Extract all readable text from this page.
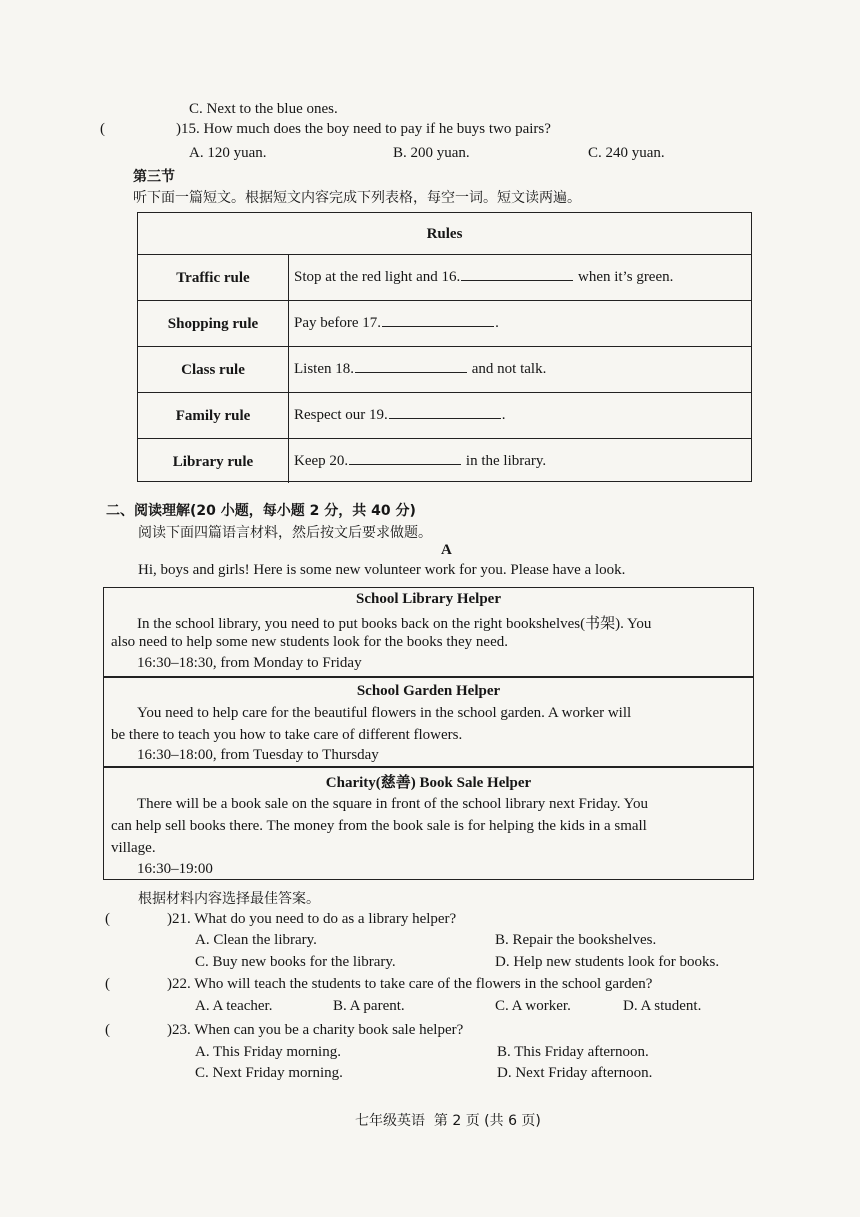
C. Next to the blue ones.
(	)15. How much does the boy need to pay if he buys two pairs?
A. 120 yuan.	B. 200 yuan.	C. 240 yuan.
第三节
听下面一篇短文。根据短文内容完成下列表格，每空一词。短文读两遍。
Rules
Traffic rule	Stop at the red light and 16.	when it’s green.
Shopping rule	Pay before 17.	.
Class rule	Listen 18.	and not talk.
Family rule	Respect our 19.	.
Library rule	Keep 20.	in the library.
二、阅读理解(20 小题，每小题 2 分，共 40 分)
阅读下面四篇语言材料，然后按文后要求做题。
A
Hi, boys and girls! Here is some new volunteer work for you. Please have a look.
School Library Helper
In the school library, you need to put books back on the right bookshelves(书架). You
also need to help some new students look for the books they need.
16:30–18:30, from Monday to Friday
School Garden Helper
You need to help care for the beautiful flowers in the school garden. A worker will
be there to teach you how to take care of different flowers.
16:30–18:00, from Tuesday to Thursday
Charity(慈善) Book Sale Helper
There will be a book sale on the square in front of the school library next Friday. You
can help sell books there. The money from the book sale is for helping the kids in a small
village.
16:30–19:00
根据材料内容选择最佳答案。
(	)21. What do you need to do as a library helper?
A. Clean the library.	B. Repair the bookshelves.
C. Buy new books for the library.	D. Help new students look for books.
(	)22. Who will teach the students to take care of the flowers in the school garden?
A. A teacher.	B. A parent.	C. A worker.	D. A student.
(	)23. When can you be a charity book sale helper?
A. This Friday morning.	B. This Friday afternoon.
C. Next Friday morning.	D. Next Friday afternoon.
七年级英语  第 2 页 (共 6 页)
